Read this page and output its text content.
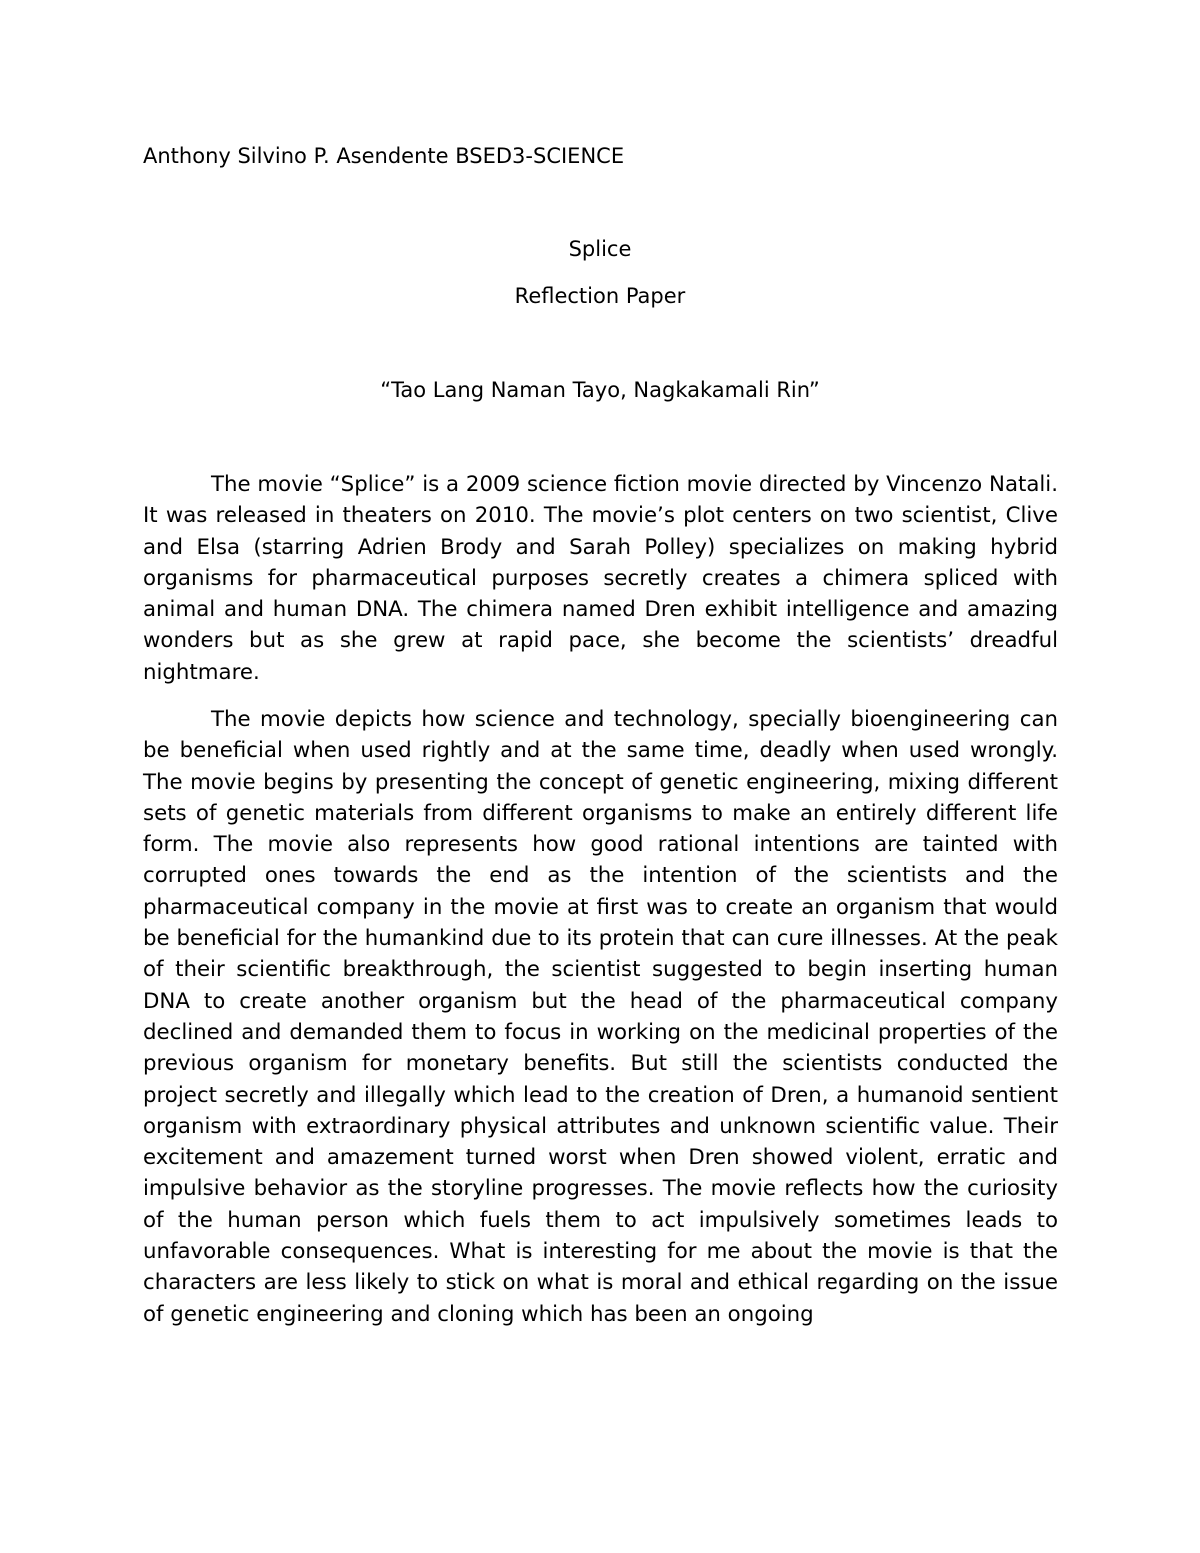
Anthony Silvino P. Asendente BSED3-SCIENCE
Splice
Reflection Paper
“Tao Lang Naman Tayo, Nagkakamali Rin”

The movie “Splice” is a 2009 science fiction movie directed by Vincenzo Natali. It was released in theaters on 2010. The movie’s plot centers on two scientist, Clive and Elsa (starring Adrien Brody and Sarah Polley) specializes on making hybrid organisms for pharmaceutical purposes secretly creates a chimera spliced with animal and human DNA. The chimera named Dren exhibit intelligence and amazing wonders but as she grew at rapid pace, she become the scientists’ dreadful nightmare.

The movie depicts how science and technology, specially bioengineering can be beneficial when used rightly and at the same time, deadly when used wrongly. The movie begins by presenting the concept of genetic engineering, mixing different sets of genetic materials from different organisms to make an entirely different life form. The movie also represents how good rational intentions are tainted with corrupted ones towards the end as the intention of the scientists and the pharmaceutical company in the movie at first was to create an organism that would be beneficial for the humankind due to its protein that can cure illnesses. At the peak of their scientific breakthrough, the scientist suggested to begin inserting human DNA to create another organism but the head of the pharmaceutical company declined and demanded them to focus in working on the medicinal properties of the previous organism for monetary benefits. But still the scientists conducted the project secretly and illegally which lead to the creation of Dren, a humanoid sentient organism with extraordinary physical attributes and unknown scientific value. Their excitement and amazement turned worst when Dren showed violent, erratic and impulsive behavior as the storyline progresses. The movie reflects how the curiosity of the human person which fuels them to act impulsively sometimes leads to unfavorable consequences. What is interesting for me about the movie is that the characters are less likely to stick on what is moral and ethical regarding on the issue of genetic engineering and cloning which has been an ongoing
